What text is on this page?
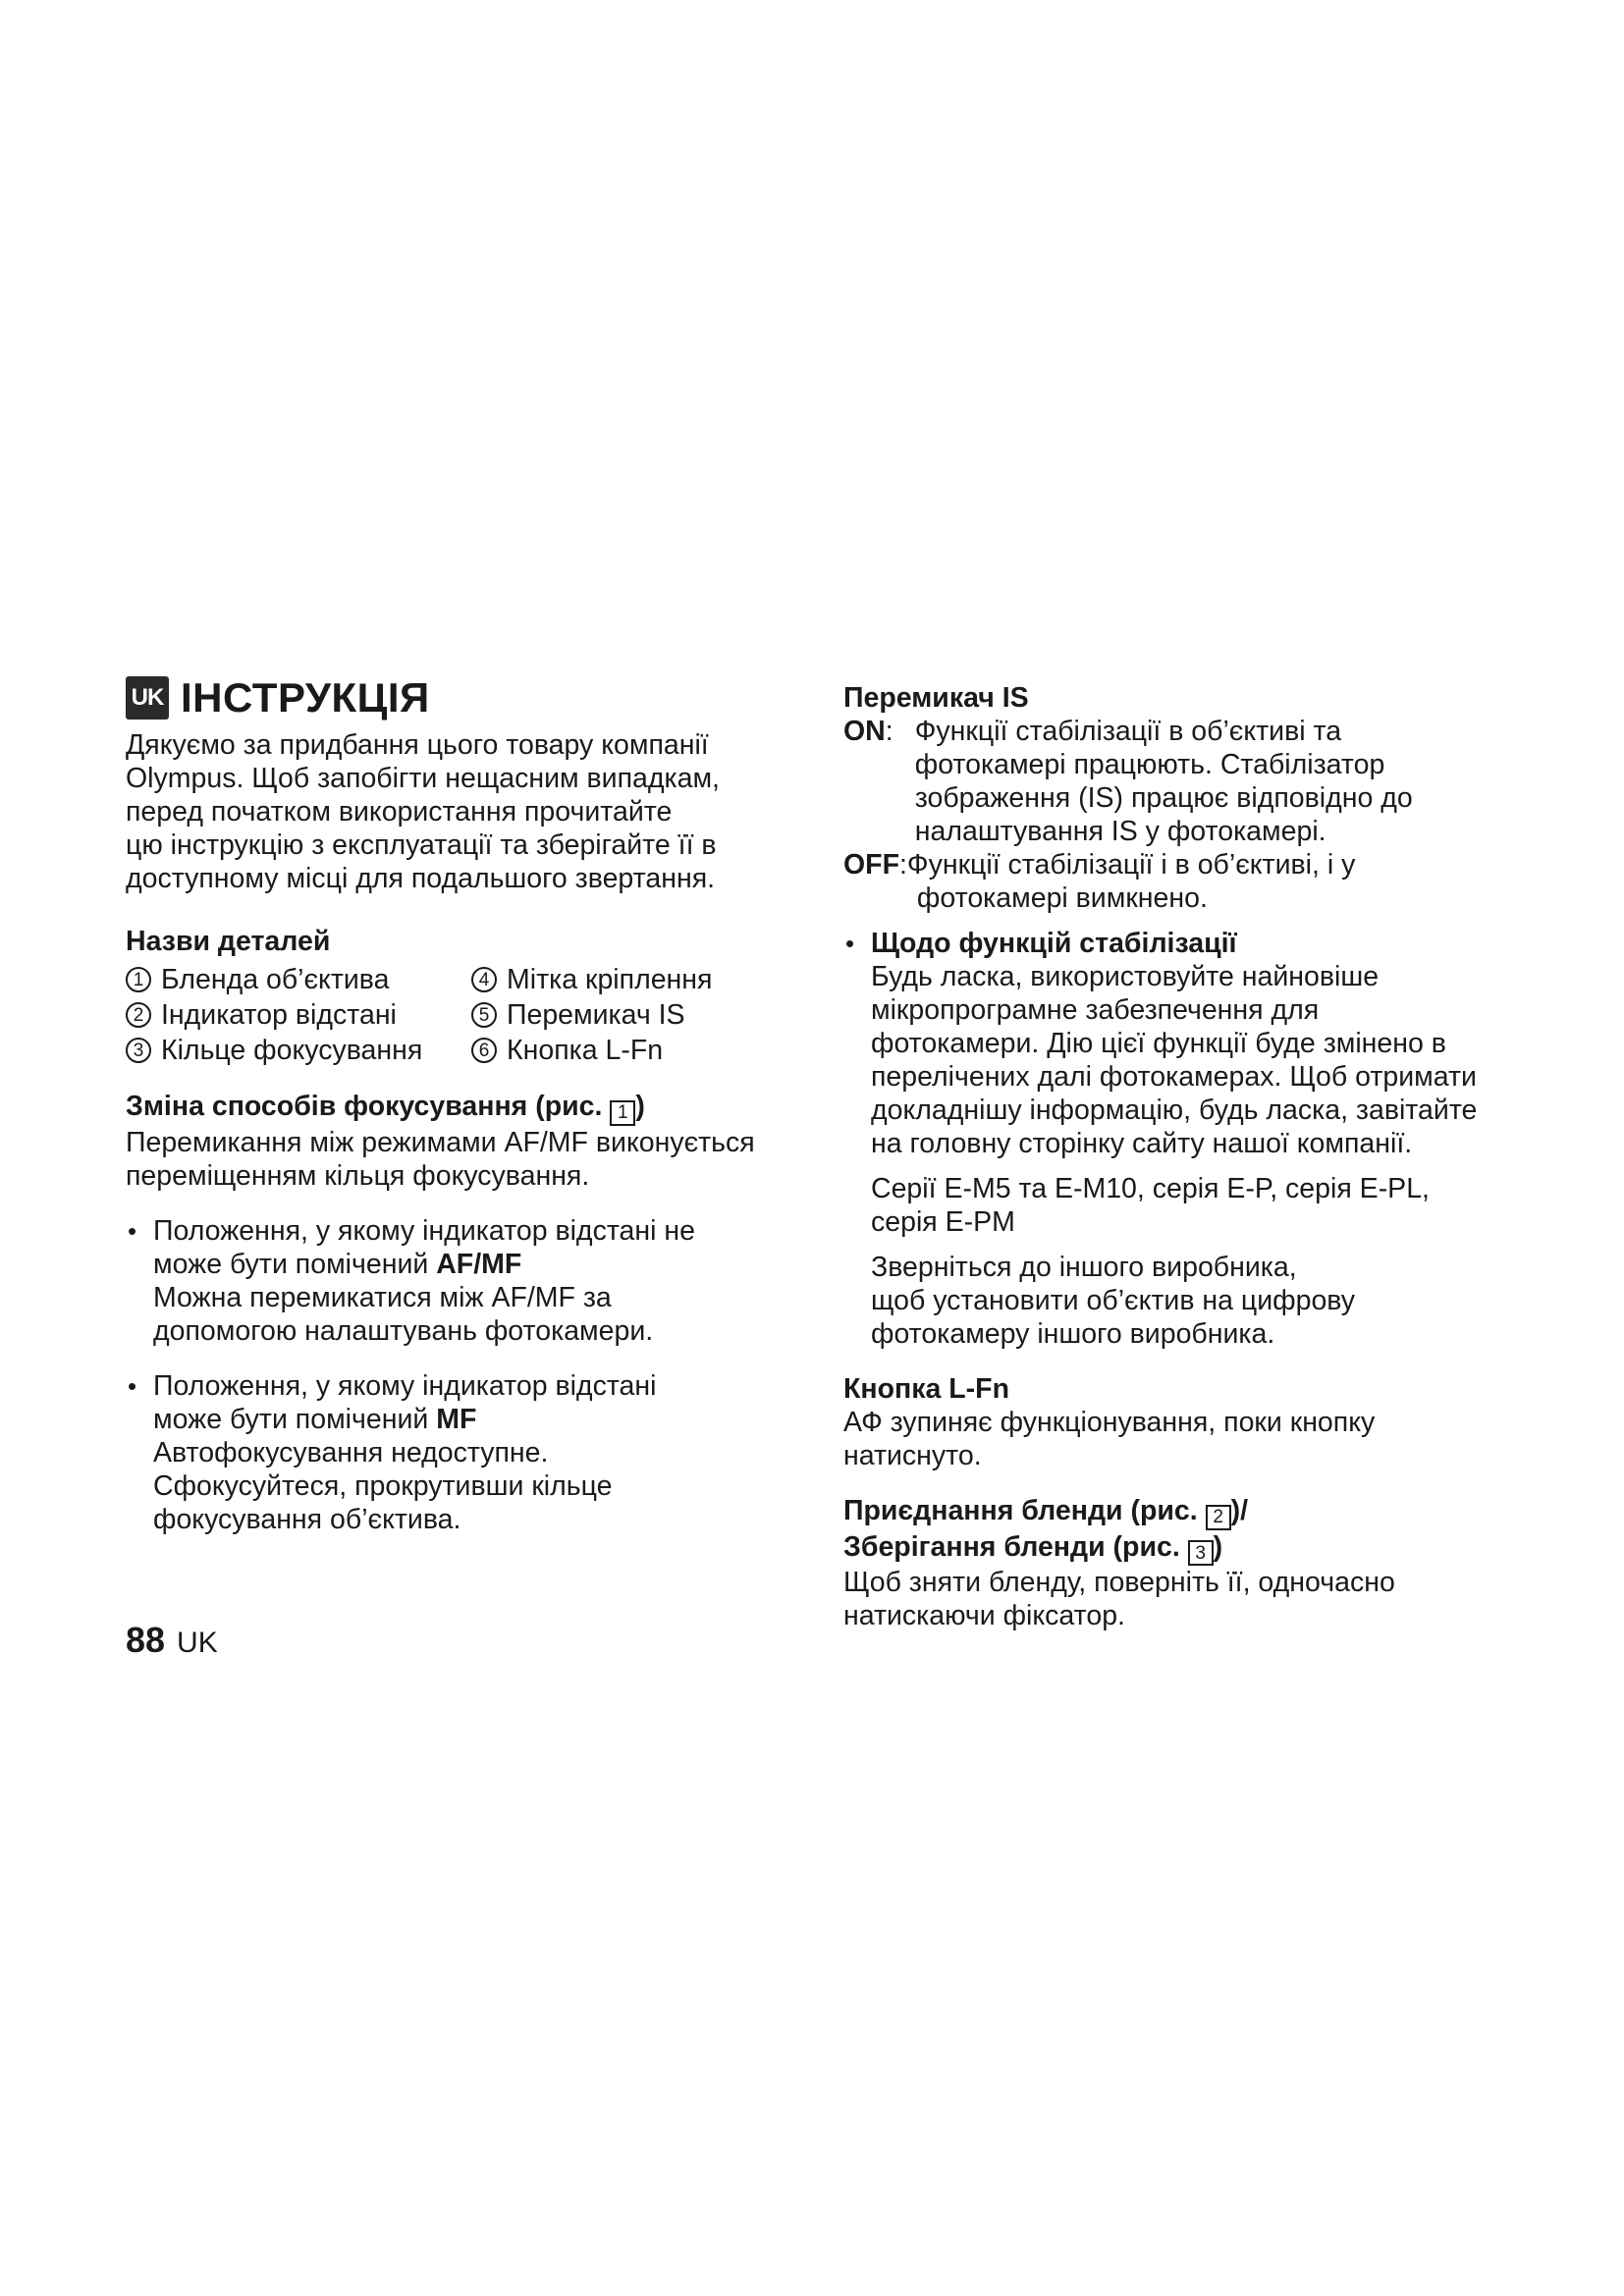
UK ІНСТРУКЦІЯ

Дякуємо за придбання цього товару компанії

Olympus. Щоб запобігти нещасним випадкам,

перед початком використання прочитайте

цю інструкцію з експлуатації та зберігайте її в

доступному місці для подальшого звертання.

Назви деталей

1 Бленда об’єктива	4 Мітка кріплення
2 Індикатор відстані	5 Перемикач IS
3 Кільце фокусування	6 Кнопка L-Fn

Зміна способів фокусування (рис. 1 )

Перемикання між режимами AF/MF виконується

переміщенням кільця фокусування.

• Положення, у якому індикатор відстані не

може бути помічений AF/MF

Можна перемикатися між AF/MF за

допомогою налаштувань фотокамери.

• Положення, у якому індикатор відстані

може бути помічений MF

Автофокусування недоступне.

Сфокусуйтеся, прокрутивши кільце

фокусування об’єктива.

Перемикач IS

ON : Функції стабілізації в об’єктиві та

фотокамері працюють. Стабілізатор

зображення (IS) працює відповідно до

налаштування IS у фотокамері.

OFF : Функції стабілізації і в об’єктиві, і у

фотокамері вимкнено.

• Щодо функцій стабілізації

Будь ласка, використовуйте найновіше

мікропрограмне забезпечення для

фотокамери. Дію цієї функції буде змінено в

перелічених далі фотокамерах. Щоб отримати

докладнішу інформацію, будь ласка, завітайте

на головну сторінку сайту нашої компанії.

Серії E-M5 та E-M10, серія E-P, серія E-PL,

серія E-PM

Зверніться до іншого виробника,

щоб установити об’єктив на цифрову

фотокамеру іншого виробника.

Кнопка L-Fn

АФ зупиняє функціонування, поки кнопку

натиснуто.

Приєднання бленди (рис. 2 )/

Зберігання бленди (рис. 3 )

Щоб зняти бленду, поверніть її, одночасно

натискаючи фіксатор.

88 UK
